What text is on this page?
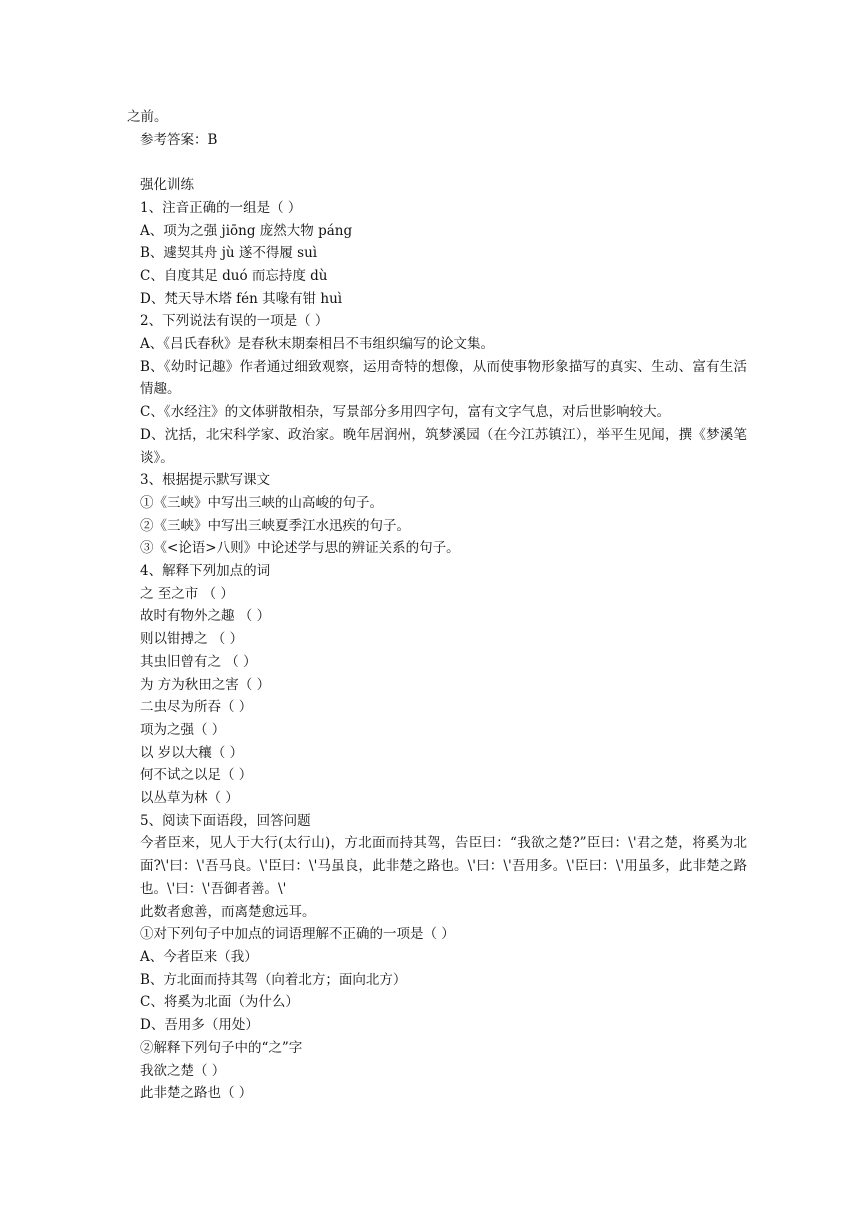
之前。

参考答案：B

强化训练

1、注音正确的一组是（ ）

A、项为之强 jiōng 庞然大物 páng

B、遽契其舟 jù 遂不得履 suì

C、自度其足 duó 而忘持度 dù

D、梵天导木塔 fén 其喙有钳 huì

2、下列说法有误的一项是（ ）

A、《吕氏春秋》是春秋末期秦相吕不韦组织编写的论文集。

B、《幼时记趣》作者通过细致观察，运用奇特的想像，从而使事物形象描写的真实、生动、富有生活情趣。

C、《水经注》的文体骈散相杂，写景部分多用四字句，富有文字气息，对后世影响较大。

D、沈括，北宋科学家、政治家。晚年居润州，筑梦溪园（在今江苏镇江），举平生见闻，撰《梦溪笔谈》。

3、根据提示默写课文

①《三峡》中写出三峡的山高峻的句子。

②《三峡》中写出三峡夏季江水迅疾的句子。

③《<论语>八则》中论述学与思的辨证关系的句子。

4、解释下列加点的词

之 至之市 （ ）

故时有物外之趣 （ ）

则以钳搏之 （ ）

其虫旧曾有之 （ ）

为 方为秋田之害（ ）

二虫尽为所吞（ ）

项为之强（ ）

以 岁以大穰（ ）

何不试之以足（ ）

以丛草为林（ ）

5、阅读下面语段，回答问题

今者臣来，见人于大行(太行山)，方北面而持其驾，告臣曰：“我欲之楚?”臣曰：\'君之楚，将奚为北面?\'曰：\'吾马良。\'臣曰：\'马虽良，此非楚之路也。\'曰：\'吾用多。\'臣曰：\'用虽多，此非楚之路也。\'曰：\'吾御者善。\'

此数者愈善，而离楚愈远耳。

①对下列句子中加点的词语理解不正确的一项是（ ）

A、今者臣来（我）

B、方北面而持其驾（向着北方；面向北方）

C、将奚为北面（为什么）

D、吾用多（用处）

②解释下列句子中的“之”字

我欲之楚（ ）

此非楚之路也（ ）
